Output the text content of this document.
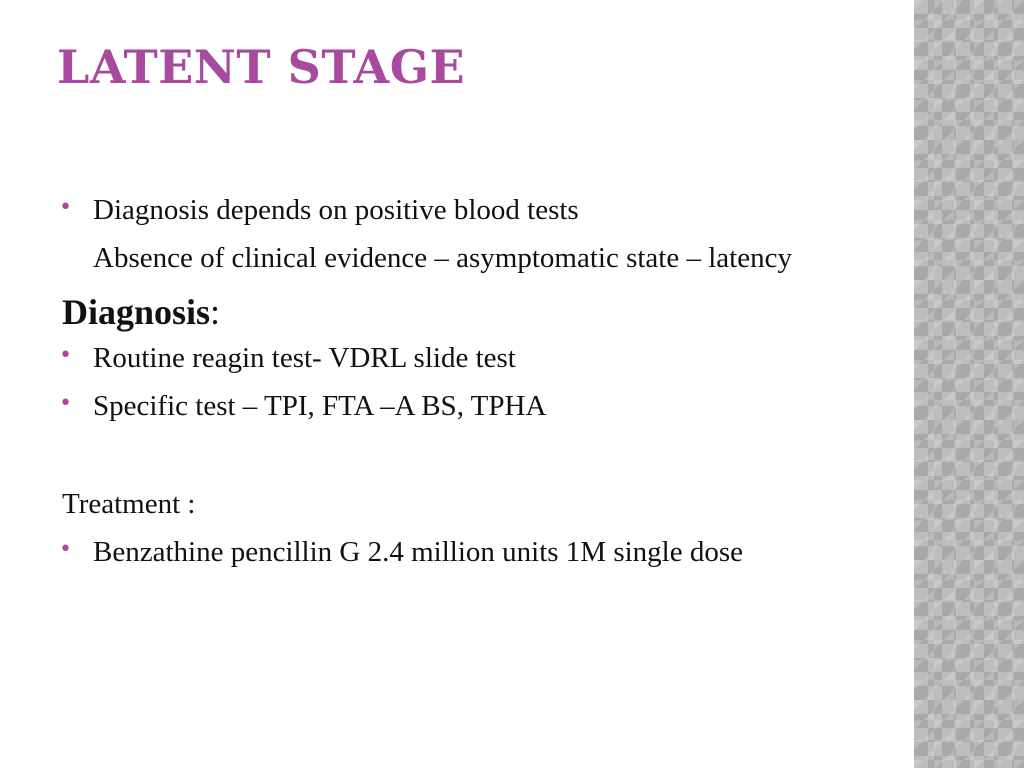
LATENT STAGE
• Diagnosis depends on positive blood tests
Absence of clinical evidence – asymptomatic state – latency
Diagnosis:
• Routine reagin test- VDRL slide test
• Specific test – TPI, FTA –A BS, TPHA
Treatment :
• Benzathine pencillin G 2.4 million units 1M single dose
